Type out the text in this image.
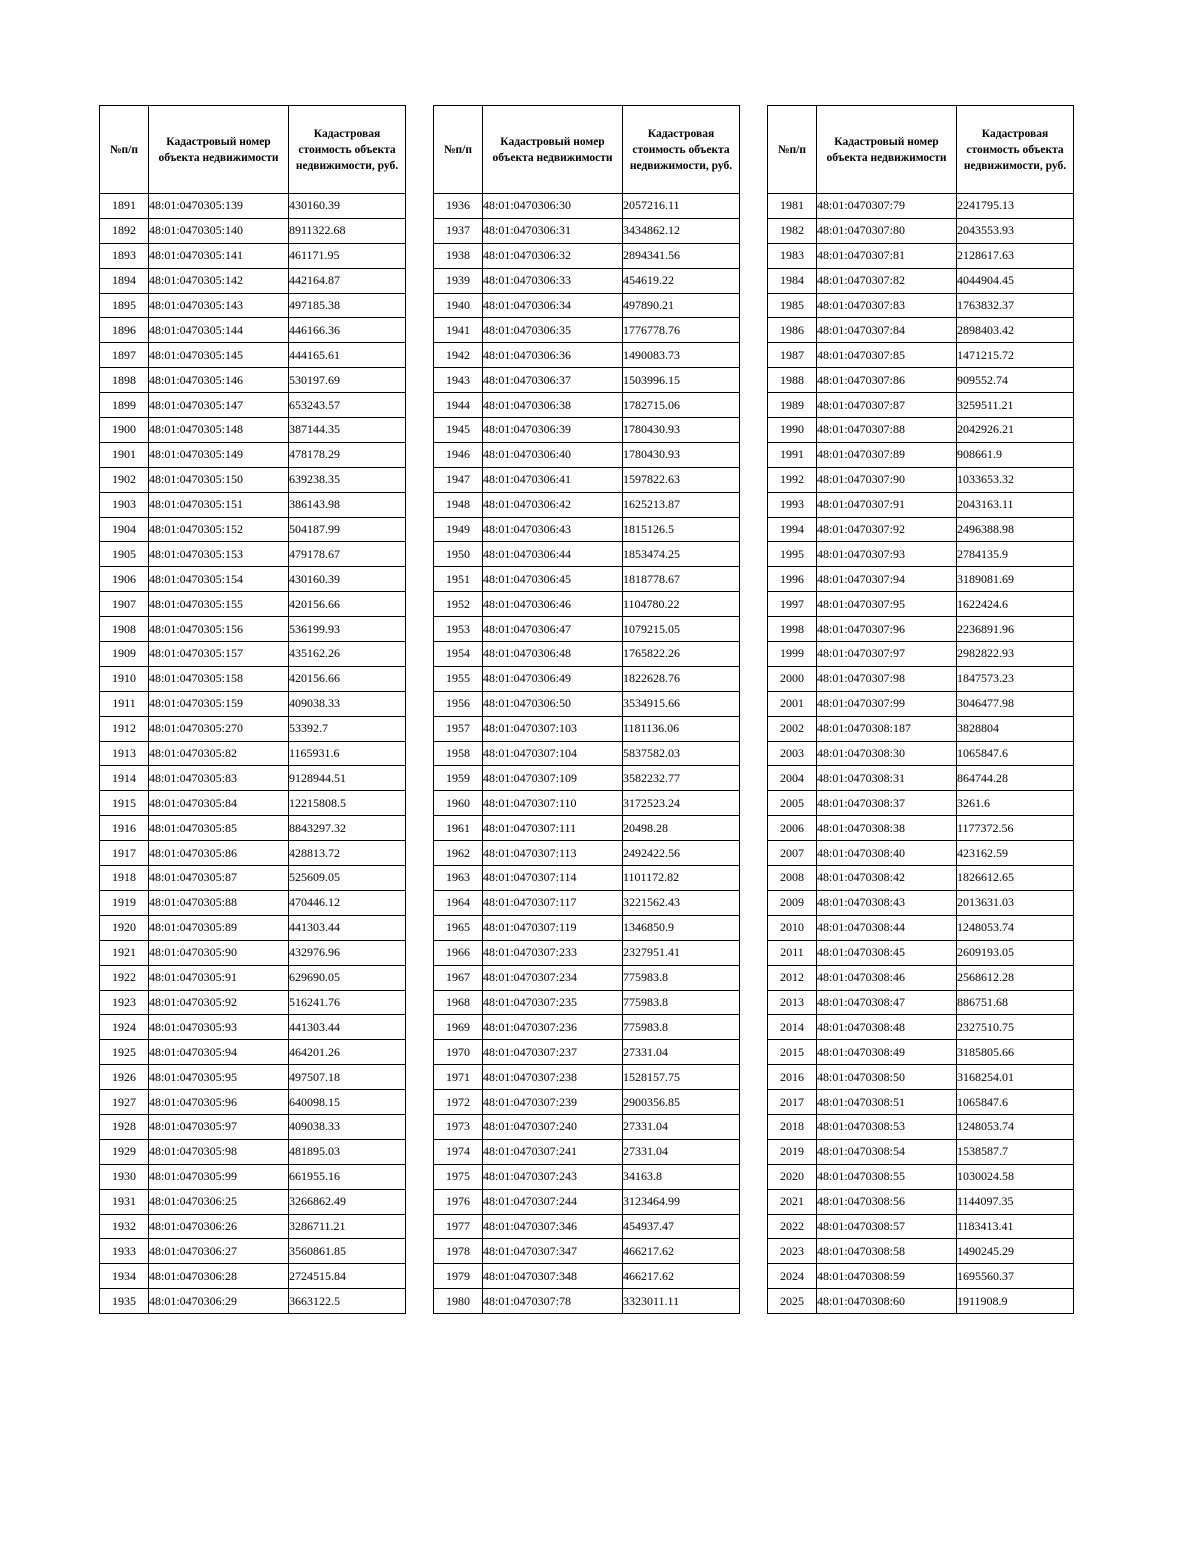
№п/п	Кадастровый номер объекта недвижимости	Кадастровая стоимость объекта недвижимости, руб.
1891	48:01:0470305:139	430160.39
1892	48:01:0470305:140	8911322.68
1893	48:01:0470305:141	461171.95
1894	48:01:0470305:142	442164.87
1895	48:01:0470305:143	497185.38
1896	48:01:0470305:144	446166.36
1897	48:01:0470305:145	444165.61
1898	48:01:0470305:146	530197.69
1899	48:01:0470305:147	653243.57
1900	48:01:0470305:148	387144.35
1901	48:01:0470305:149	478178.29
1902	48:01:0470305:150	639238.35
1903	48:01:0470305:151	386143.98
1904	48:01:0470305:152	504187.99
1905	48:01:0470305:153	479178.67
1906	48:01:0470305:154	430160.39
1907	48:01:0470305:155	420156.66
1908	48:01:0470305:156	536199.93
1909	48:01:0470305:157	435162.26
1910	48:01:0470305:158	420156.66
1911	48:01:0470305:159	409038.33
1912	48:01:0470305:270	53392.7
1913	48:01:0470305:82	1165931.6
1914	48:01:0470305:83	9128944.51
1915	48:01:0470305:84	12215808.5
1916	48:01:0470305:85	8843297.32
1917	48:01:0470305:86	428813.72
1918	48:01:0470305:87	525609.05
1919	48:01:0470305:88	470446.12
1920	48:01:0470305:89	441303.44
1921	48:01:0470305:90	432976.96
1922	48:01:0470305:91	629690.05
1923	48:01:0470305:92	516241.76
1924	48:01:0470305:93	441303.44
1925	48:01:0470305:94	464201.26
1926	48:01:0470305:95	497507.18
1927	48:01:0470305:96	640098.15
1928	48:01:0470305:97	409038.33
1929	48:01:0470305:98	481895.03
1930	48:01:0470305:99	661955.16
1931	48:01:0470306:25	3266862.49
1932	48:01:0470306:26	3286711.21
1933	48:01:0470306:27	3560861.85
1934	48:01:0470306:28	2724515.84
1935	48:01:0470306:29	3663122.5
№п/п	Кадастровый номер объекта недвижимости	Кадастровая стоимость объекта недвижимости, руб.
1936	48:01:0470306:30	2057216.11
1937	48:01:0470306:31	3434862.12
1938	48:01:0470306:32	2894341.56
1939	48:01:0470306:33	454619.22
1940	48:01:0470306:34	497890.21
1941	48:01:0470306:35	1776778.76
1942	48:01:0470306:36	1490083.73
1943	48:01:0470306:37	1503996.15
1944	48:01:0470306:38	1782715.06
1945	48:01:0470306:39	1780430.93
1946	48:01:0470306:40	1780430.93
1947	48:01:0470306:41	1597822.63
1948	48:01:0470306:42	1625213.87
1949	48:01:0470306:43	1815126.5
1950	48:01:0470306:44	1853474.25
1951	48:01:0470306:45	1818778.67
1952	48:01:0470306:46	1104780.22
1953	48:01:0470306:47	1079215.05
1954	48:01:0470306:48	1765822.26
1955	48:01:0470306:49	1822628.76
1956	48:01:0470306:50	3534915.66
1957	48:01:0470307:103	1181136.06
1958	48:01:0470307:104	5837582.03
1959	48:01:0470307:109	3582232.77
1960	48:01:0470307:110	3172523.24
1961	48:01:0470307:111	20498.28
1962	48:01:0470307:113	2492422.56
1963	48:01:0470307:114	1101172.82
1964	48:01:0470307:117	3221562.43
1965	48:01:0470307:119	1346850.9
1966	48:01:0470307:233	2327951.41
1967	48:01:0470307:234	775983.8
1968	48:01:0470307:235	775983.8
1969	48:01:0470307:236	775983.8
1970	48:01:0470307:237	27331.04
1971	48:01:0470307:238	1528157.75
1972	48:01:0470307:239	2900356.85
1973	48:01:0470307:240	27331.04
1974	48:01:0470307:241	27331.04
1975	48:01:0470307:243	34163.8
1976	48:01:0470307:244	3123464.99
1977	48:01:0470307:346	454937.47
1978	48:01:0470307:347	466217.62
1979	48:01:0470307:348	466217.62
1980	48:01:0470307:78	3323011.11
№п/п	Кадастровый номер объекта недвижимости	Кадастровая стоимость объекта недвижимости, руб.
1981	48:01:0470307:79	2241795.13
1982	48:01:0470307:80	2043553.93
1983	48:01:0470307:81	2128617.63
1984	48:01:0470307:82	4044904.45
1985	48:01:0470307:83	1763832.37
1986	48:01:0470307:84	2898403.42
1987	48:01:0470307:85	1471215.72
1988	48:01:0470307:86	909552.74
1989	48:01:0470307:87	3259511.21
1990	48:01:0470307:88	2042926.21
1991	48:01:0470307:89	908661.9
1992	48:01:0470307:90	1033653.32
1993	48:01:0470307:91	2043163.11
1994	48:01:0470307:92	2496388.98
1995	48:01:0470307:93	2784135.9
1996	48:01:0470307:94	3189081.69
1997	48:01:0470307:95	1622424.6
1998	48:01:0470307:96	2236891.96
1999	48:01:0470307:97	2982822.93
2000	48:01:0470307:98	1847573.23
2001	48:01:0470307:99	3046477.98
2002	48:01:0470308:187	3828804
2003	48:01:0470308:30	1065847.6
2004	48:01:0470308:31	864744.28
2005	48:01:0470308:37	3261.6
2006	48:01:0470308:38	1177372.56
2007	48:01:0470308:40	423162.59
2008	48:01:0470308:42	1826612.65
2009	48:01:0470308:43	2013631.03
2010	48:01:0470308:44	1248053.74
2011	48:01:0470308:45	2609193.05
2012	48:01:0470308:46	2568612.28
2013	48:01:0470308:47	886751.68
2014	48:01:0470308:48	2327510.75
2015	48:01:0470308:49	3185805.66
2016	48:01:0470308:50	3168254.01
2017	48:01:0470308:51	1065847.6
2018	48:01:0470308:53	1248053.74
2019	48:01:0470308:54	1538587.7
2020	48:01:0470308:55	1030024.58
2021	48:01:0470308:56	1144097.35
2022	48:01:0470308:57	1183413.41
2023	48:01:0470308:58	1490245.29
2024	48:01:0470308:59	1695560.37
2025	48:01:0470308:60	1911908.9
